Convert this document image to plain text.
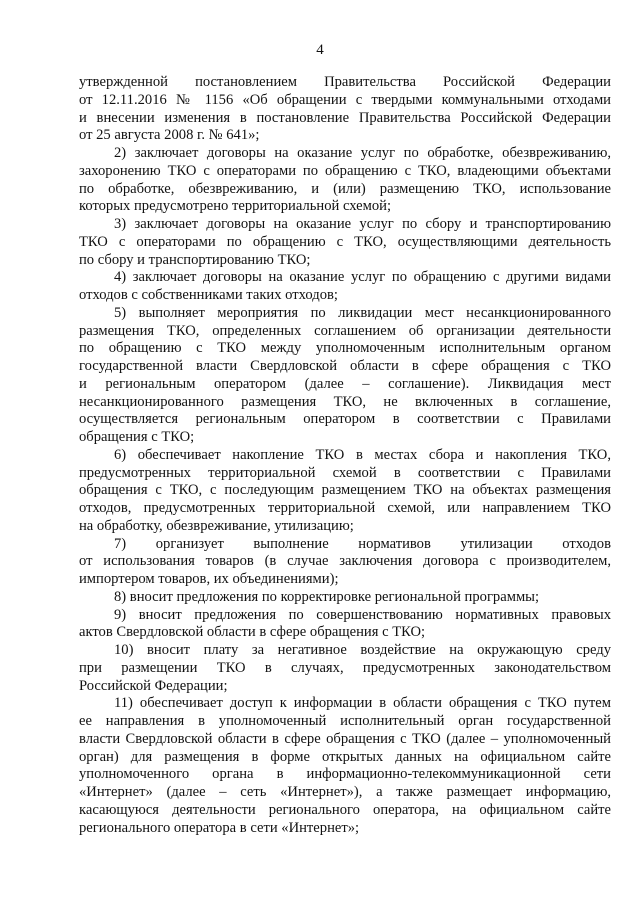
4
утвержденной постановлением Правительства Российской Федерации
от 12.11.2016 № 1156 «Об обращении с твердыми коммунальными отходами
и внесении изменения в постановление Правительства Российской Федерации
от 25 августа 2008 г. № 641»;
2) заключает договоры на оказание услуг по обработке, обезвреживанию,
захоронению ТКО с операторами по обращению с ТКО, владеющими объектами
по обработке, обезвреживанию, и (или) размещению ТКО, использование
которых предусмотрено территориальной схемой;
3) заключает договоры на оказание услуг по сбору и транспортированию
ТКО с операторами по обращению с ТКО, осуществляющими деятельность
по сбору и транспортированию ТКО;
4) заключает договоры на оказание услуг по обращению с другими видами
отходов с собственниками таких отходов;
5) выполняет мероприятия по ликвидации мест несанкционированного
размещения ТКО, определенных соглашением об организации деятельности
по обращению с ТКО между уполномоченным исполнительным органом
государственной власти Свердловской области в сфере обращения с ТКО
и региональным оператором (далее – соглашение). Ликвидация мест
несанкционированного размещения ТКО, не включенных в соглашение,
осуществляется региональным оператором в соответствии с Правилами
обращения с ТКО;
6) обеспечивает накопление ТКО в местах сбора и накопления ТКО,
предусмотренных территориальной схемой в соответствии с Правилами
обращения с ТКО, с последующим размещением ТКО на объектах размещения
отходов, предусмотренных территориальной схемой, или направлением ТКО
на обработку, обезвреживание, утилизацию;
7) организует выполнение нормативов утилизации отходов
от использования товаров (в случае заключения договора с производителем,
импортером товаров, их объединениями);
8) вносит предложения по корректировке региональной программы;
9) вносит предложения по совершенствованию нормативных правовых
актов Свердловской области в сфере обращения с ТКО;
10) вносит плату за негативное воздействие на окружающую среду
при размещении ТКО в случаях, предусмотренных законодательством
Российской Федерации;
11) обеспечивает доступ к информации в области обращения с ТКО путем
ее направления в уполномоченный исполнительный орган государственной
власти Свердловской области в сфере обращения с ТКО (далее – уполномоченный
орган) для размещения в форме открытых данных на официальном сайте
уполномоченного органа в информационно-телекоммуникационной сети
«Интернет» (далее – сеть «Интернет»), а также размещает информацию,
касающуюся деятельности регионального оператора, на официальном сайте
регионального оператора в сети «Интернет»;
